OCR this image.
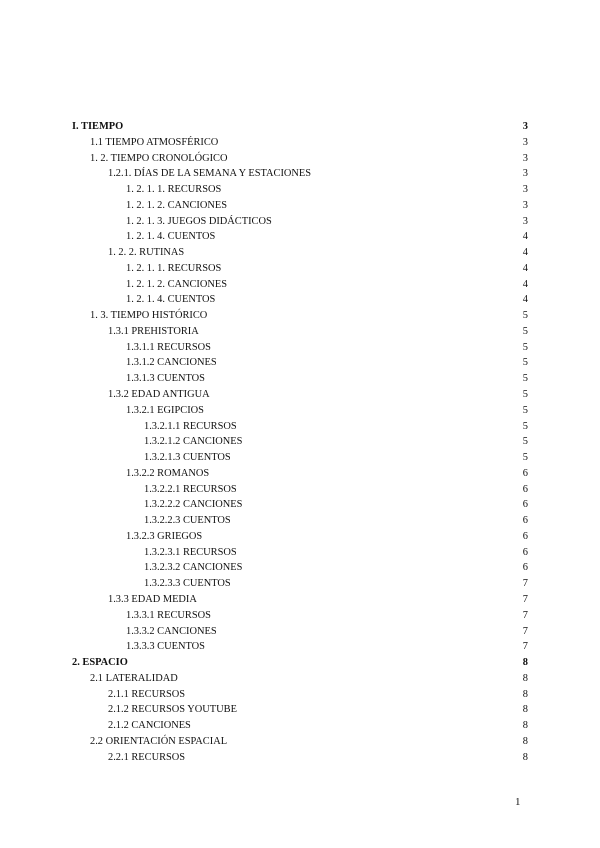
I. TIEMPO	3
1.1 TIEMPO ATMOSFÉRICO	3
1. 2. TIEMPO CRONOLÓGICO	3
1.2.1. DÍAS DE LA SEMANA Y ESTACIONES	3
1. 2. 1. 1. RECURSOS	3
1. 2. 1. 2. CANCIONES	3
1. 2. 1. 3. JUEGOS DIDÁCTICOS	3
1. 2. 1. 4. CUENTOS	4
1. 2. 2. RUTINAS	4
1. 2. 1. 1. RECURSOS	4
1. 2. 1. 2. CANCIONES	4
1. 2. 1. 4. CUENTOS	4
1. 3. TIEMPO HISTÓRICO	5
1.3.1 PREHISTORIA	5
1.3.1.1 RECURSOS	5
1.3.1.2 CANCIONES	5
1.3.1.3 CUENTOS	5
1.3.2 EDAD ANTIGUA	5
1.3.2.1 EGIPCIOS	5
1.3.2.1.1 RECURSOS	5
1.3.2.1.2 CANCIONES	5
1.3.2.1.3 CUENTOS	5
1.3.2.2 ROMANOS	6
1.3.2.2.1 RECURSOS	6
1.3.2.2.2 CANCIONES	6
1.3.2.2.3 CUENTOS	6
1.3.2.3 GRIEGOS	6
1.3.2.3.1 RECURSOS	6
1.3.2.3.2 CANCIONES	6
1.3.2.3.3 CUENTOS	7
1.3.3 EDAD MEDIA	7
1.3.3.1 RECURSOS	7
1.3.3.2 CANCIONES	7
1.3.3.3 CUENTOS	7
2. ESPACIO	8
2.1 LATERALIDAD	8
2.1.1 RECURSOS	8
2.1.2 RECURSOS YOUTUBE	8
2.1.2 CANCIONES	8
2.2 ORIENTACIÓN ESPACIAL	8
2.2.1 RECURSOS	8
1
